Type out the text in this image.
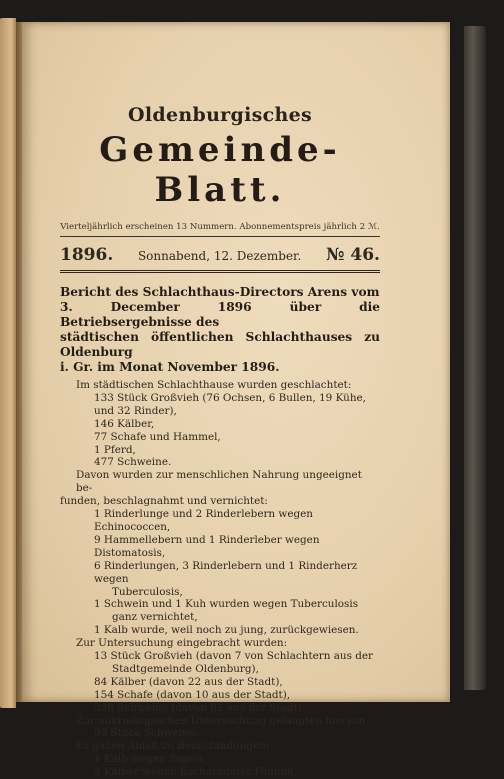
Oldenburgisches
Gemeinde-Blatt.
Vierteljährlich erscheinen 13 Nummern. Abonnementspreis jährlich 2 ℳ.
1896. Sonnabend, 12. Dezember. № 46.
Bericht des Schlachthaus-Directors Arens vom
3. December 1896 über die Betriebsergebnisse des
städtischen öffentlichen Schlachthauses zu Oldenburg
i. Gr. im Monat November 1896.
Im städtischen Schlachthause wurden geschlachtet:
133 Stück Großvieh (76 Ochsen, 6 Bullen, 19 Kühe,
und 32 Rinder),
146 Kälber,
77 Schafe und Hammel,
1 Pferd,
477 Schweine.
Davon wurden zur menschlichen Nahrung ungeeignet be-
funden, beschlagnahmt und vernichtet:
1 Rinderlunge und 2 Rinderlebern wegen Echinococcen,
9 Hammellebern und 1 Rinderleber wegen Distomatosis,
6 Rinderlungen, 3 Rinderlebern und 1 Rinderherz wegen
Tuberculosis,
1 Schwein und 1 Kuh wurden wegen Tuberculosis
ganz vernichtet,
1 Kalb wurde, weil noch zu jung, zurückgewiesen.
Zur Untersuchung eingebracht wurden:
13 Stück Großvieh (davon 7 von Schlachtern aus der
Stadtgemeinde Oldenburg),
84 Kälber (davon 22 aus der Stadt),
154 Schafe (davon 10 aus der Stadt),
338 Schweine (davon 82 aus der Stadt).
Zur mikroskopischen Untersuchung gelangten hiervon
99 Stück Schweine.
Es gaben Anlaß zu Beanstandungen:
1 Kalb wegen Sepsis,
2 Kälber wegen hochgradiger Fäulniß,
